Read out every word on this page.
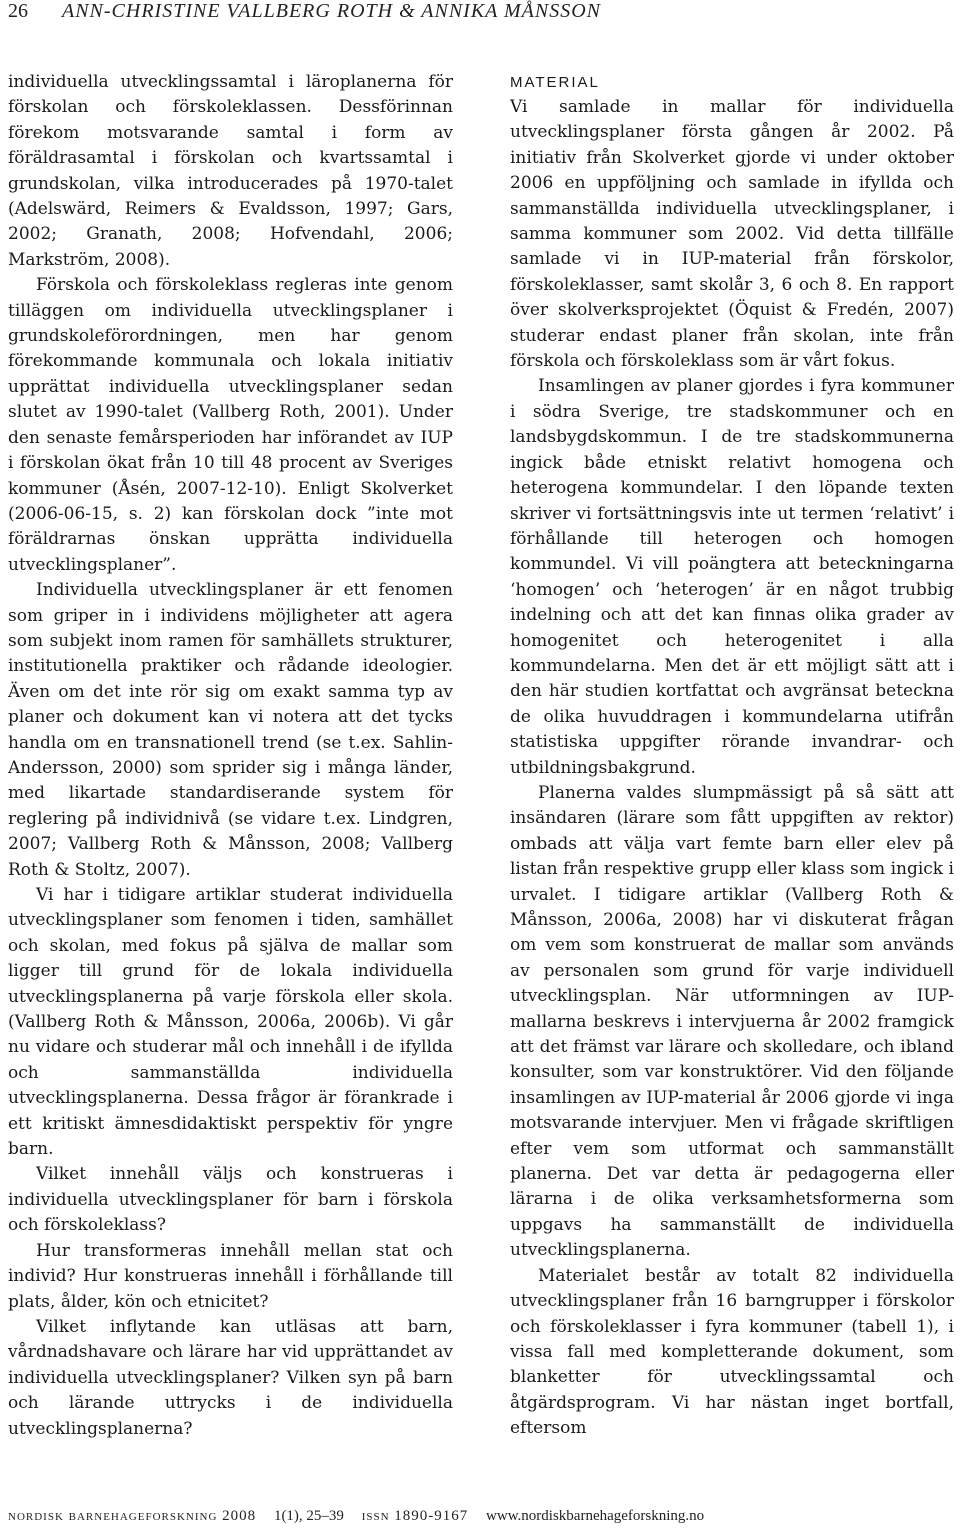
26 ANN-CHRISTINE VALLBERG ROTH & ANNIKA MÅNSSON

individuella utvecklingssamtal i läroplanerna för förskolan och förskoleklassen. Dessförinnan förekom motsvarande samtal i form av föräldrasamtal i förskolan och kvartssamtal i grundskolan, vilka introducerades på 1970-talet (Adelswärd, Reimers & Evaldsson, 1997; Gars, 2002; Granath, 2008; Hofvendahl, 2006; Markström, 2008).

Förskola och förskoleklass regleras inte genom tilläggen om individuella utvecklingsplaner i grundskoleförordningen, men har genom förekommande kommunala och lokala initiativ upprättat individuella utvecklingsplaner sedan slutet av 1990-talet (Vallberg Roth, 2001). Under den senaste femårsperioden har införandet av IUP i förskolan ökat från 10 till 48 procent av Sveriges kommuner (Åsén, 2007-12-10). Enligt Skolverket (2006-06-15, s. 2) kan förskolan dock ”inte mot föräldrarnas önskan upprätta individuella utvecklingsplaner”.

Individuella utvecklingsplaner är ett fenomen som griper in i individens möjligheter att agera som subjekt inom ramen för samhällets strukturer, institutionella praktiker och rådande ideologier. Även om det inte rör sig om exakt samma typ av planer och dokument kan vi notera att det tycks handla om en transnationell trend (se t.ex. Sahlin-Andersson, 2000) som sprider sig i många länder, med likartade standardiserande system för reglering på individnivå (se vidare t.ex. Lindgren, 2007; Vallberg Roth & Månsson, 2008; Vallberg Roth & Stoltz, 2007).

Vi har i tidigare artiklar studerat individuella utvecklingsplaner som fenomen i tiden, samhället och skolan, med fokus på själva de mallar som ligger till grund för de lokala individuella utvecklingsplanerna på varje förskola eller skola. (Vallberg Roth & Månsson, 2006a, 2006b). Vi går nu vidare och studerar mål och innehåll i de ifyllda och sammanställda individuella utvecklingsplanerna. Dessa frågor är förankrade i ett kritiskt ämnesdidaktiskt perspektiv för yngre barn.

Vilket innehåll väljs och konstrueras i individuella utvecklingsplaner för barn i förskola och förskoleklass?

Hur transformeras innehåll mellan stat och individ? Hur konstrueras innehåll i förhållande till plats, ålder, kön och etnicitet?

Vilket inflytande kan utläsas att barn, vårdnadshavare och lärare har vid upprättandet av individuella utvecklingsplaner? Vilken syn på barn och lärande uttrycks i de individuella utvecklingsplanerna?

MATERIAL

Vi samlade in mallar för individuella utvecklingsplaner första gången år 2002. På initiativ från Skolverket gjorde vi under oktober 2006 en uppföljning och samlade in ifyllda och sammanställda individuella utvecklingsplaner, i samma kommuner som 2002. Vid detta tillfälle samlade vi in IUP-material från förskolor, förskoleklasser, samt skolår 3, 6 och 8. En rapport över skolverksprojektet (Öquist & Fredén, 2007) studerar endast planer från skolan, inte från förskola och förskoleklass som är vårt fokus.

Insamlingen av planer gjordes i fyra kommuner i södra Sverige, tre stadskommuner och en landsbygdskommun. I de tre stadskommunerna ingick både etniskt relativt homogena och heterogena kommundelar. I den löpande texten skriver vi fortsättningsvis inte ut termen ‘relativt’ i förhållande till heterogen och homogen kommundel. Vi vill poängtera att beteckningarna ‘homogen’ och ‘heterogen’ är en något trubbig indelning och att det kan finnas olika grader av homogenitet och heterogenitet i alla kommundelarna. Men det är ett möjligt sätt att i den här studien kortfattat och avgränsat beteckna de olika huvuddragen i kommundelarna utifrån statistiska uppgifter rörande invandrar- och utbildningsbakgrund.

Planerna valdes slumpmässigt på så sätt att insändaren (lärare som fått uppgiften av rektor) ombads att välja vart femte barn eller elev på listan från respektive grupp eller klass som ingick i urvalet. I tidigare artiklar (Vallberg Roth & Månsson, 2006a, 2008) har vi diskuterat frågan om vem som konstruerat de mallar som används av personalen som grund för varje individuell utvecklingsplan. När utformningen av IUP-mallarna beskrevs i intervjuerna år 2002 framgick att det främst var lärare och skolledare, och ibland konsulter, som var konstruktörer. Vid den följande insamlingen av IUP-material år 2006 gjorde vi inga motsvarande intervjuer. Men vi frågade skriftligen efter vem som utformat och sammanställt planerna. Det var detta är pedagogerna eller lärarna i de olika verksamhetsformerna som uppgavs ha sammanställt de individuella utvecklingsplanerna.

Materialet består av totalt 82 individuella utvecklingsplaner från 16 barngrupper i förskolor och förskoleklasser i fyra kommuner (tabell 1), i vissa fall med kompletterande dokument, som blanketter för utvecklingssamtal och åtgärdsprogram. Vi har nästan inget bortfall, eftersom

nordisk barnehageforskning 2008 1(1), 25–39 issn 1890-9167 www.nordiskbarnehageforskning.no
